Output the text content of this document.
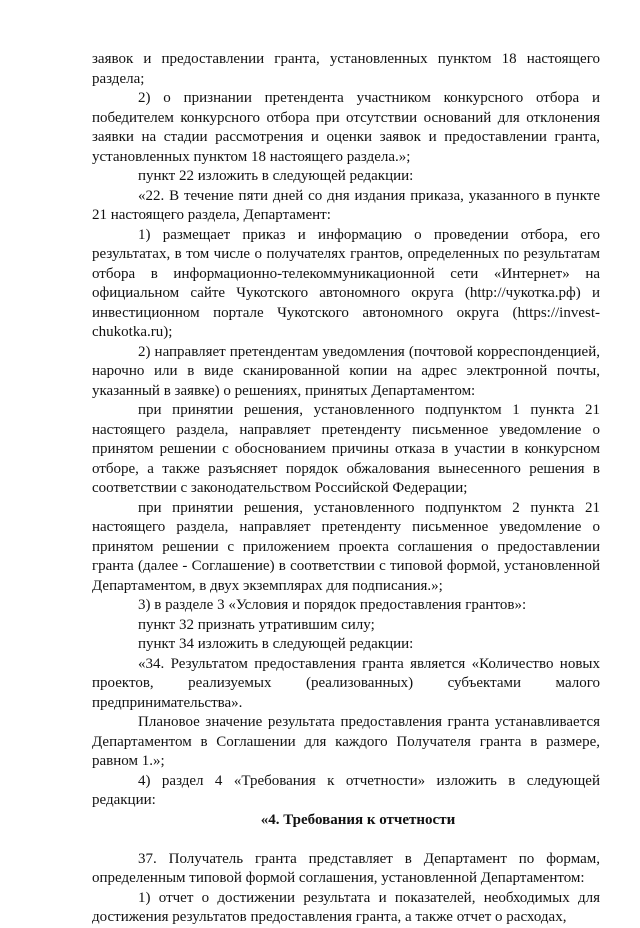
заявок и предоставлении гранта, установленных пунктом 18 настоящего раздела;

2) о признании претендента участником конкурсного отбора и победителем конкурсного отбора при отсутствии оснований для отклонения заявки на стадии рассмотрения и оценки заявок и предоставлении гранта, установленных пунктом 18 настоящего раздела.»;

пункт 22 изложить в следующей редакции:

«22. В течение пяти дней со дня издания приказа, указанного в пункте 21 настоящего раздела, Департамент:

1) размещает приказ и информацию о проведении отбора, его результатах, в том числе о получателях грантов, определенных по результатам отбора в информационно-телекоммуникационной сети «Интернет» на официальном сайте Чукотского автономного округа (http://чукотка.рф) и инвестиционном портале Чукотского автономного округа (https://invest-chukotka.ru);

2) направляет претендентам уведомления (почтовой корреспонденцией, нарочно или в виде сканированной копии на адрес электронной почты, указанный в заявке) о решениях, принятых Департаментом:

при принятии решения, установленного подпунктом 1 пункта 21 настоящего раздела, направляет претенденту письменное уведомление о принятом решении с обоснованием причины отказа в участии в конкурсном отборе, а также разъясняет порядок обжалования вынесенного решения в соответствии с законодательством Российской Федерации;

при принятии решения, установленного подпунктом 2 пункта 21 настоящего раздела, направляет претенденту письменное уведомление о принятом решении с приложением проекта соглашения о предоставлении гранта (далее - Соглашение) в соответствии с типовой формой, установленной Департаментом, в двух экземплярах для подписания.»;

3) в разделе 3 «Условия и порядок предоставления грантов»:

пункт 32 признать утратившим силу;

пункт 34 изложить в следующей редакции:

«34. Результатом предоставления гранта является «Количество новых проектов, реализуемых (реализованных) субъектами малого предпринимательства».

Плановое значение результата предоставления гранта устанавливается Департаментом в Соглашении для каждого Получателя гранта в размере, равном 1.»;

4) раздел 4 «Требования к отчетности» изложить в следующей редакции:

«4. Требования к отчетности

37. Получатель гранта представляет в Департамент по формам, определенным типовой формой соглашения, установленной Департаментом:

1) отчет о достижении результата и показателей, необходимых для достижения результатов предоставления гранта, а также отчет о расходах,
